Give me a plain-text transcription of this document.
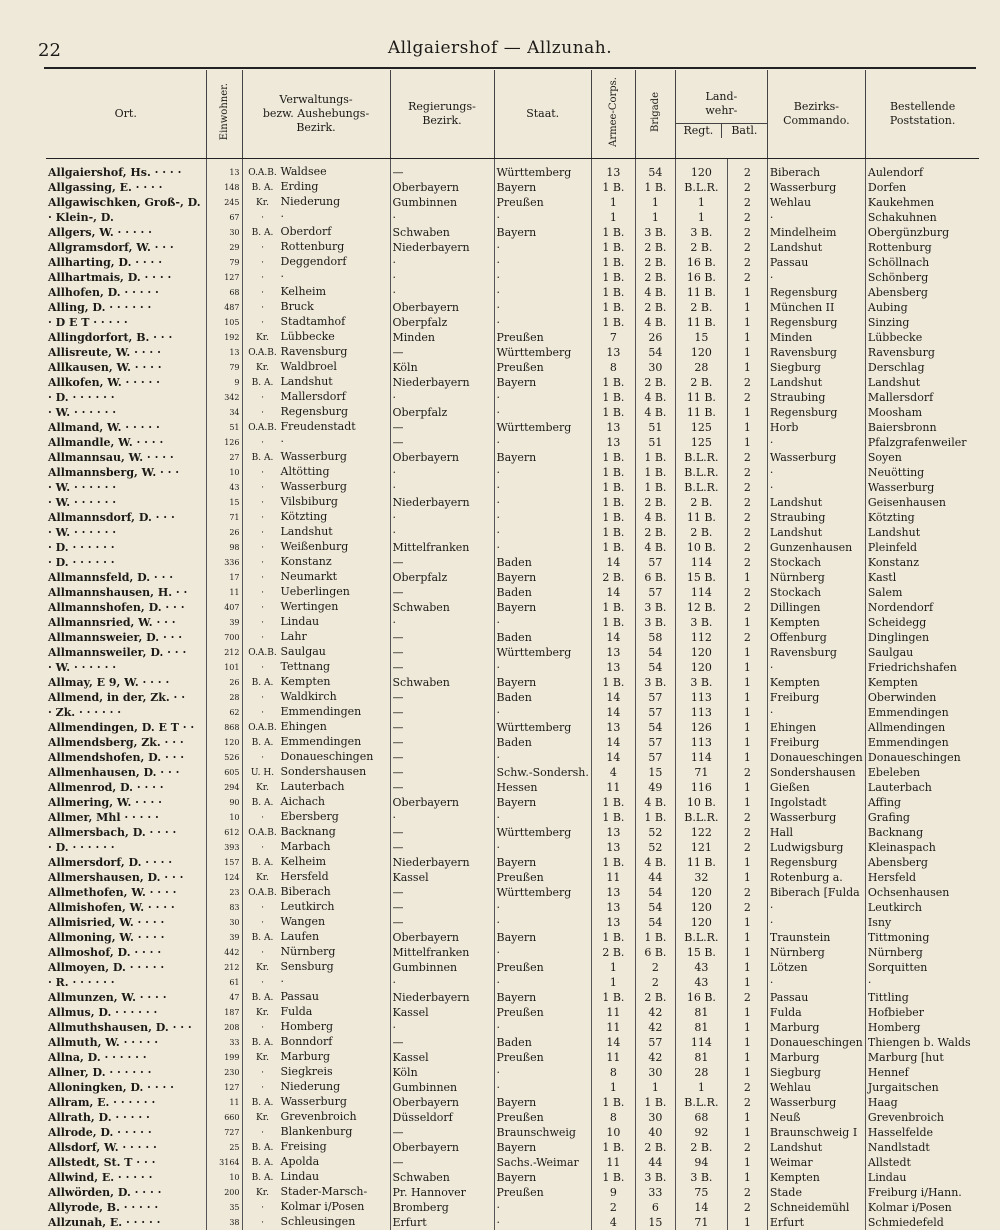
22	Allgaiershof — Allzunah.
Ort.	Einwohner.	Verwaltungs-
bezw. Aushebungs-
Bezirk.	Regierungs-
Bezirk.	Staat.	Armee-Corps.	Brigade	Land-
wehr-
Regt. Batl.		Bezirks-
Commando.	Bestellende
Poststation.
Allgaiershof, Hs. · · · ·	13	O.A.B. Waldsee	—	Württemberg	13	54	120	2	Biberach	Aulendorf
Allgassing, E. · · · ·	148	B. A. Erding	Oberbayern	Bayern	1 B.	1 B.	B.L.R.	2	Wasserburg	Dorfen
Allgawischken, Groß-, D.	245	Kr. Niederung	Gumbinnen	Preußen	1	1	1	2	Wehlau	Kaukehmen
· Klein-, D.	67	· ·	·	·	1	1	1	2	·	Schakuhnen
Allgers, W. · · · · ·	30	B. A. Oberdorf	Schwaben	Bayern	1 B.	3 B.	3 B.	2	Mindelheim	Obergünzburg
Allgramsdorf, W. · · ·	29	· Rottenburg	Niederbayern	·	1 B.	2 B.	2 B.	2	Landshut	Rottenburg
Allharting, D. · · · ·	79	· Deggendorf	·	·	1 B.	2 B.	16 B.	2	Passau	Schöllnach
Allhartmais, D. · · · ·	127	· ·	·	·	1 B.	2 B.	16 B.	2	·	Schönberg
Allhofen, D. · · · · ·	68	· Kelheim	·	·	1 B.	4 B.	11 B.	1	Regensburg	Abensberg
Alling, D. · · · · · ·	487	· Bruck	Oberbayern	·	1 B.	2 B.	2 B.	1	München II	Aubing
· D E T · · · · ·	105	· Stadtamhof	Oberpfalz	·	1 B.	4 B.	11 B.	1	Regensburg	Sinzing
Allingdorfort, B. · · ·	192	Kr. Lübbecke	Minden	Preußen	7	26	15	1	Minden	Lübbecke
Allisreute, W. · · · ·	13	O.A.B. Ravensburg	—	Württemberg	13	54	120	1	Ravensburg	Ravensburg
Allkausen, W. · · · ·	79	Kr. Waldbroel	Köln	Preußen	8	30	28	1	Siegburg	Derschlag
Allkofen, W. · · · · ·	9	B. A. Landshut	Niederbayern	Bayern	1 B.	2 B.	2 B.	2	Landshut	Landshut
· D. · · · · · ·	342	· Mallersdorf	·	·	1 B.	4 B.	11 B.	2	Straubing	Mallersdorf
· W. · · · · · ·	34	· Regensburg	Oberpfalz	·	1 B.	4 B.	11 B.	1	Regensburg	Moosham
Allmand, W. · · · · ·	51	O.A.B. Freudenstadt	—	Württemberg	13	51	125	1	Horb	Baiersbronn
Allmandle, W. · · · ·	126	· ·	—	·	13	51	125	1	·	Pfalzgrafenweiler
Allmannsau, W. · · · ·	27	B. A. Wasserburg	Oberbayern	Bayern	1 B.	1 B.	B.L.R.	2	Wasserburg	Soyen
Allmannsberg, W. · · ·	10	· Altötting	·	·	1 B.	1 B.	B.L.R.	2	·	Neuötting
· W. · · · · · ·	43	· Wasserburg	·	·	1 B.	1 B.	B.L.R.	2	·	Wasserburg
· W. · · · · · ·	15	· Vilsbiburg	Niederbayern	·	1 B.	2 B.	2 B.	2	Landshut	Geisenhausen
Allmannsdorf, D. · · ·	71	· Kötzting	·	·	1 B.	4 B.	11 B.	2	Straubing	Kötzting
· W. · · · · · ·	26	· Landshut	·	·	1 B.	2 B.	2 B.	2	Landshut	Landshut
· D. · · · · · ·	98	· Weißenburg	Mittelfranken	·	1 B.	4 B.	10 B.	2	Gunzenhausen	Pleinfeld
· D. · · · · · ·	336	· Konstanz	—	Baden	14	57	114	2	Stockach	Konstanz
Allmannsfeld, D. · · ·	17	· Neumarkt	Oberpfalz	Bayern	2 B.	6 B.	15 B.	1	Nürnberg	Kastl
Allmannshausen, H. · ·	11	· Ueberlingen	—	Baden	14	57	114	2	Stockach	Salem
Allmannshofen, D. · · ·	407	· Wertingen	Schwaben	Bayern	1 B.	3 B.	12 B.	2	Dillingen	Nordendorf
Allmannsried, W. · · ·	39	· Lindau	·	·	1 B.	3 B.	3 B.	1	Kempten	Scheidegg
Allmannsweier, D. · · ·	700	· Lahr	—	Baden	14	58	112	2	Offenburg	Dinglingen
Allmannsweiler, D. · · ·	212	O.A.B. Saulgau	—	Württemberg	13	54	120	1	Ravensburg	Saulgau
· W. · · · · · ·	101	· Tettnang	—	·	13	54	120	1	·	Friedrichshafen
Allmay, E 9, W. · · · ·	26	B. A. Kempten	Schwaben	Bayern	1 B.	3 B.	3 B.	1	Kempten	Kempten
Allmend, in der, Zk. · ·	28	· Waldkirch	—	Baden	14	57	113	1	Freiburg	Oberwinden
· Zk. · · · · · ·	62	· Emmendingen	—	·	14	57	113	1	·	Emmendingen
Allmendingen, D. E T · ·	868	O.A.B. Ehingen	—	Württemberg	13	54	126	1	Ehingen	Allmendingen
Allmendsberg, Zk. · · ·	120	B. A. Emmendingen	—	Baden	14	57	113	1	Freiburg	Emmendingen
Allmendshofen, D. · · ·	526	· Donaueschingen	—	·	14	57	114	1	Donaueschingen	Donaueschingen
Allmenhausen, D. · · ·	605	U. H. Sondershausen	—	Schw.-Sondersh.	4	15	71	2	Sondershausen	Ebeleben
Allmenrod, D. · · · ·	294	Kr. Lauterbach	—	Hessen	11	49	116	1	Gießen	Lauterbach
Allmering, W. · · · ·	90	B. A. Aichach	Oberbayern	Bayern	1 B.	4 B.	10 B.	1	Ingolstadt	Affing
Allmer, Mhl · · · · ·	10	· Ebersberg	·	·	1 B.	1 B.	B.L.R.	2	Wasserburg	Grafing
Allmersbach, D. · · · ·	612	O.A.B. Backnang	—	Württemberg	13	52	122	2	Hall	Backnang
· D. · · · · · ·	393	· Marbach	—	·	13	52	121	2	Ludwigsburg	Kleinaspach
Allmersdorf, D. · · · ·	157	B. A. Kelheim	Niederbayern	Bayern	1 B.	4 B.	11 B.	1	Regensburg	Abensberg
Allmershausen, D. · · ·	124	Kr. Hersfeld	Kassel	Preußen	11	44	32	1	Rotenburg a.	Hersfeld
Allmethofen, W. · · · ·	23	O.A.B. Biberach	—	Württemberg	13	54	120	2	Biberach [Fulda	Ochsenhausen
Allmishofen, W. · · · ·	83	· Leutkirch	—	·	13	54	120	2	·	Leutkirch
Allmisried, W. · · · ·	30	· Wangen	—	·	13	54	120	1	·	Isny
Allmoning, W. · · · ·	39	B. A. Laufen	Oberbayern	Bayern	1 B.	1 B.	B.L.R.	1	Traunstein	Tittmoning
Allmoshof, D. · · · ·	442	· Nürnberg	Mittelfranken	·	2 B.	6 B.	15 B.	1	Nürnberg	Nürnberg
Allmoyen, D. · · · · ·	212	Kr. Sensburg	Gumbinnen	Preußen	1	2	43	1	Lötzen	Sorquitten
· R. · · · · · ·	61	· ·	·	·	1	2	43	1	·	·
Allmunzen, W. · · · ·	47	B. A. Passau	Niederbayern	Bayern	1 B.	2 B.	16 B.	2	Passau	Tittling
Allmus, D. · · · · · ·	187	Kr. Fulda	Kassel	Preußen	11	42	81	1	Fulda	Hofbieber
Allmuthshausen, D. · · ·	208	· Homberg	·	·	11	42	81	1	Marburg	Homberg
Allmuth, W. · · · · ·	33	B. A. Bonndorf	—	Baden	14	57	114	1	Donaueschingen	Thiengen b. Walds
Allna, D. · · · · · ·	199	Kr. Marburg	Kassel	Preußen	11	42	81	1	Marburg	Marburg [hut
Allner, D. · · · · · ·	230	· Siegkreis	Köln	·	8	30	28	1	Siegburg	Hennef
Alloningken, D. · · · ·	127	· Niederung	Gumbinnen	·	1	1	1	2	Wehlau	Jurgaitschen
Allram, E. · · · · · ·	11	B. A. Wasserburg	Oberbayern	Bayern	1 B.	1 B.	B.L.R.	2	Wasserburg	Haag
Allrath, D. · · · · ·	660	Kr. Grevenbroich	Düsseldorf	Preußen	8	30	68	1	Neuß	Grevenbroich
Allrode, D. · · · · ·	727	· Blankenburg	—	Braunschweig	10	40	92	1	Braunschweig I	Hasselfelde
Allsdorf, W. · · · · ·	25	B. A. Freising	Oberbayern	Bayern	1 B.	2 B.	2 B.	2	Landshut	Nandlstadt
Allstedt, St. T · · ·	3164	B. A. Apolda	—	Sachs.-Weimar	11	44	94	1	Weimar	Allstedt
Allwind, E. · · · · ·	10	B. A. Lindau	Schwaben	Bayern	1 B.	3 B.	3 B.	1	Kempten	Lindau
Allwörden, D. · · · ·	200	Kr. Stader-Marsch-	Pr. Hannover	Preußen	9	33	75	2	Stade	Freiburg i/Hann.
Allyrode, B. · · · · ·	35	· Kolmar i/Posen	Bromberg	·	2	6	14	2	Schneidemühl	Kolmar i/Posen
Allzunah, E. · · · · ·	38	· Schleusingen	Erfurt	·	4	15	71	1	Erfurt	Schmiedefeld
